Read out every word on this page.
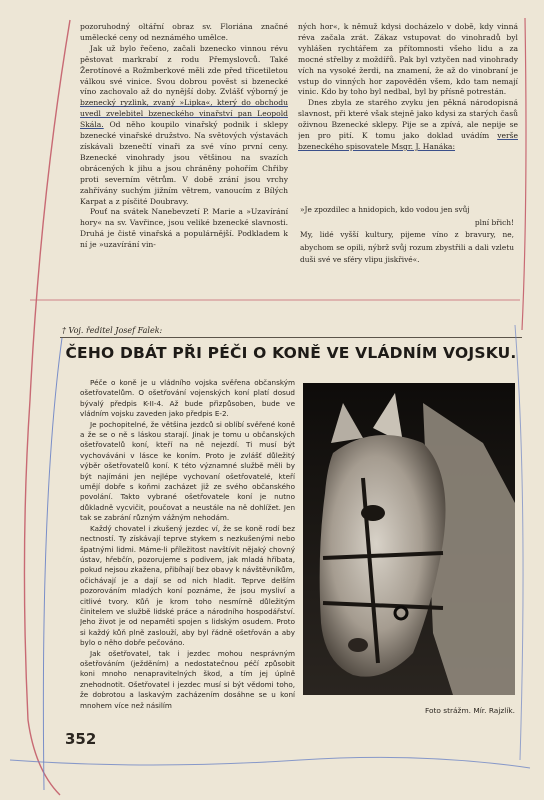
pozoruhodný oltářní obraz sv. Floriána značné umělecké ceny od neznámého umělce.

Jak už bylo řečeno, začali bzenecko vinnou révu pěstovat markrabí z rodu Přemyslovců. Také Žerotínové a Rožmberkové měli zde před třicetiletou válkou své vinice. Svou dobrou pověst si bzenecké víno zachovalo až do nynější doby. Zvlášť výborný je bzenecký ryzlink, zvaný »Lipka«, který do obchodu uvedl zvelebitel bzeneckého vinařství pan Leopold Skála. Od něho koupilo vinařský podnik i sklepy bzenecké vinařské družstvo. Na světových výstavách získávali bzenečtí vinaři za své víno první ceny. Bzenecké vinohrady jsou většinou na svazích obrácených k jihu a jsou chráněny pohořím Chřiby proti severním větrům. V době zrání jsou vrchy zahřívány suchým jižním větrem, vanoucím z Bílých Karpat a z písčité Doubravy.

Pouť na svátek Nanebevzetí P. Marie a »Uzavírání hory« na sv. Vavřince, jsou veliké bzenecké slavnosti. Druhá je čistě vinařská a populárnější. Podkladem k ní je »uzavírání vin-

ných hor«, k němuž kdysi docházelo v době, kdy vinná réva začala zrát. Zákaz vstupovat do vinohradů byl vyhlášen rychtářem za přítomnosti všeho lidu a za mocné střelby z moždířů. Pak byl vztyčen nad vinohrady vích na vysoké žerdi, na znamení, že až do vinobraní je vstup do vinných hor zapověděn všem, kdo tam nemají vinic. Kdo by toho byl nedbal, byl by přísně potrestán.

Dnes zbyla ze starého zvyku jen pěkná národopisná slavnost, při které však stejně jako kdysi za starých časů oživnou Bzenecké sklepy. Pije se a zpívá, ale nepije se jen pro pití. K tomu jako doklad uvádím verše bzeneckého spisovatele Msgr. J. Hanáka:

»Je zpozdilec a hnidopich, kdo vodou jen svůj
plní břich!
My, lidé vyšší kultury, pijeme víno z bravury, ne, abychom se opili, nýbrž svůj rozum zbystřili a dali vzletu duši své ve sféry vlipu jiskřivé«.
† Voj. ředitel Josef Falek:
ČEHO DBÁT PŘI PÉČI O KONĚ VE VLÁDNÍM VOJSKU.

Péče o koně je u vládního vojska svěřena občanským ošetřovatelům. O ošetřování vojenských koní platí dosud bývalý předpis K-II-4. Až bude přizpůsoben, bude ve vládním vojsku zaveden jako předpis E-2.

Je pochopitelné, že většina jezdců si oblíbí svěřené koně a že se o ně s láskou starají. Jinak je tomu u občanských ošetřovatelů koní, kteří na ně nejezdí. Ti musí být vychováváni v lásce ke koním. Proto je zvlášť důležitý výběr ošetřovatelů koní. K této významné službě měli by být najímáni jen nejlépe vychovaní ošetřovatelé, kteří umějí dobře s koňmi zacházet již ze svého občanského povolání. Takto vybrané ošetřovatele koní je nutno důkladně vycvičit, poučovat a neustále na ně dohlížet. Jen tak se zabrání různým vážným nehodám.

Každý chovatel i zkušený jezdec ví, že se koně rodí bez nectností. Ty získávají teprve stykem s nezkušenými nebo špatnými lidmi. Máme-li příležitost navštívit nějaký chovný ústav, hřebčín, pozorujeme s podivem, jak mladá hříbata, pokud nejsou zkažena, přibíhají bez obavy k návštěvníkům, očichávají je a dají se od nich hladit. Teprve delším pozorováním mladých koní poznáme, že jsou mysliví a citlivé tvory. Kůň je krom toho nesmírně důležitým činitelem ve službě lidské práce a národního hospodářství. Jeho život je od nepaměti spojen s lidským osudem. Proto si každý kůň plně zaslouží, aby byl řádně ošetřován a aby bylo o něho dobře pečováno.

Jak ošetřovatel, tak i jezdec mohou nesprávným ošetřováním (ježděním) a nedostatečnou péčí způsobit koni mnoho nenapravitelných škod, a tím jej úplně znehodnotit. Ošetřovatel i jezdec musí si být vědomi toho, že dobrotou a laskavým zacházením dosáhne se u koní mnohem více než násilím

Foto strážm. Mír. Rajzlík.
352
